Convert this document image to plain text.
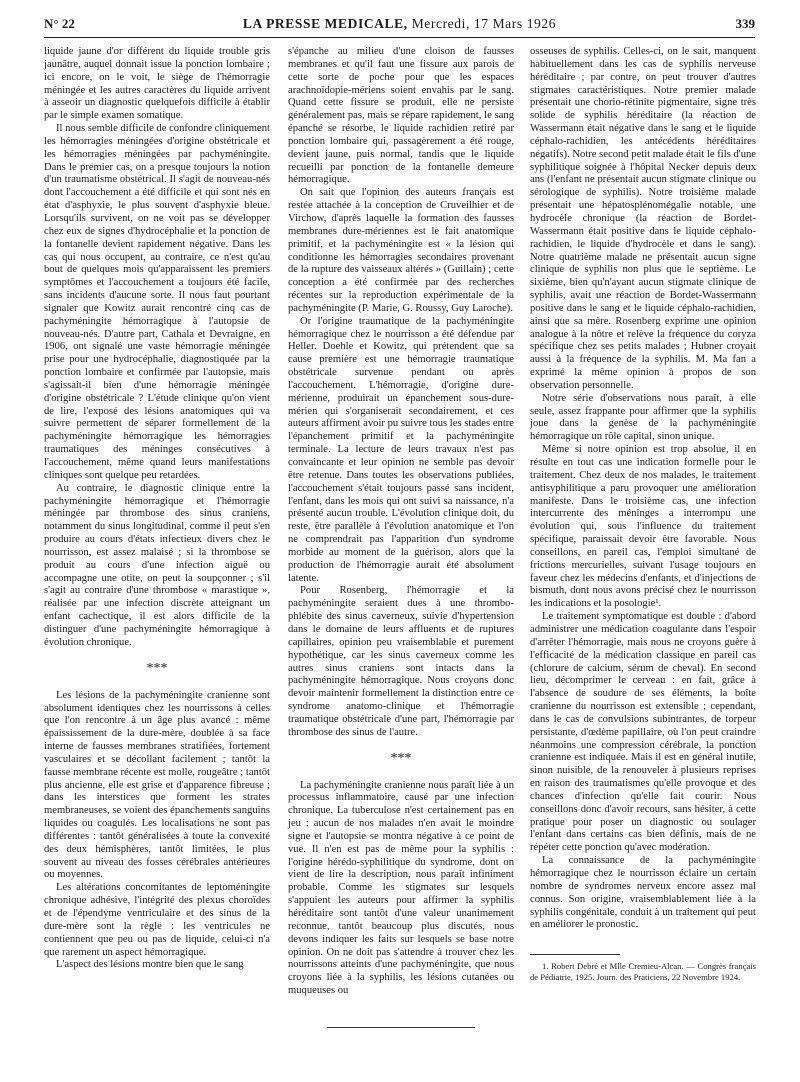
N° 22	LA PRESSE MEDICALE, Mercredi, 17 Mars 1926	339

liquide jaune d'or différent du liquide trouble gris jaunâtre, auquel donnait issue la ponction lombaire ; ici encore, on le voit, le siège de l'hémorragie méningée et les autres caractères du liquide arrivent à asseoir un diagnostic quelquefois difficile à établir par le simple examen somatique.

Il nous semble difficile de confondre cliniquement les hémorragies méningées d'origine obstétricale et les hémorragies méningées par pachyméningite. Dans le premier cas, on a presque toujours la notion d'un traumatisme obstétrical. Il s'agit de nouveau-nés dont l'accouchement a été difficile et qui sont nés en état d'asphyxie, le plus souvent d'asphyxie bleue. Lorsqu'ils survivent, on ne voit pas se développer chez eux de signes d'hydrocéphalie et la ponction de la fontanelle devient rapidement négative. Dans les cas qui nous occupent, au contraire, ce n'est qu'au bout de quelques mois qu'apparaissent les premiers symptômes et l'accouchement a toujours été facile, sans incidents d'aucune sorte. Il nous faut pourtant signaler que Kowitz aurait rencontré cinq cas de pachyméningite hémorragique à l'autopsie de nouveau-nés. D'autre part, Cathala et Devraigne, en 1906, ont signalé une vaste hémorragie méningée prise pour une hydrocéphalie, diagnostiquée par la ponction lombaire et confirmée par l'autopsie, mais s'agissait-il bien d'une hémorragie méningée d'origine obstétricale ? L'étude clinique qu'on vient de lire, l'exposé des lésions anatomiques qui va suivre permettent de séparer formellement de la pachyméningite hémorragique les hémorragies traumatiques des méninges consécutives à l'accouchement, même quand leurs manifestations cliniques sont quelque peu retardées.

Au contraire, le diagnostic clinique entre la pachyméningite hémorragique et l'hémorragie méningée par thrombose des sinus craniens, notamment du sinus longitudinal, comme il peut s'en produire au cours d'états infectieux divers chez le nourrisson, est assez malaisé ; si la thrombose se produit au cours d'une infection aiguë ou accompagne une otite, on peut la soupçonner ; s'il s'agit au contraire d'une thrombose « marastique », réalisée par une infection discrète atteignant un enfant cachectique, il est alors difficile de la distinguer d'une pachyméningite hémorragique à évolution chronique.

***

Les lésions de la pachyméningite cranienne sont absolument identiques chez les nourrissons à celles que l'on rencontre à un âge plus avancé : même épaississement de la dure-mère, doublée à sa face interne de fausses membranes stratifiées, fortement vasculaires et se décollant facilement ; tantôt la fausse membrane récente est molle, rougeâtre ; tantôt plus ancienne, elle est grise et d'apparence fibreuse ; dans les interstices que forment les strates membraneuses, se voient des épanchements sanguins liquides ou coagulés. Les localisations ne sont pas différentes : tantôt généralisées à toute la convexité des deux hémisphères, tantôt limitées, le plus souvent au niveau des fosses cérébrales antérieures ou moyennes.

Les altérations concomitantes de leptoméningite chronique adhésive, l'intégrité des plexus choroïdes et de l'épendyme ventriculaire et des sinus de la dure-mère sont la règle : les ventricules ne contiennent que peu ou pas de liquide, celui-ci n'a que rarement un aspect hémorragique.

L'aspect des lésions montre bien que le sang

s'épanche au milieu d'une cloison de fausses membranes et qu'il faut une fissure aux parois de cette sorte de poche pour que les espaces arachnoïdopie-mériens soient envahis par le sang. Quand cette fissure se produit, elle ne persiste généralement pas, mais se répare rapidement, le sang épanché se résorbe, le liquide rachidien retiré par ponction lombaire qui, passagèrement a été rouge, devient jaune, puis normal, tandis que le liquide recueilli par ponction de la fontanelle demeure hémorragique.

On sait que l'opinion des auteurs français est restée attachée à la conception de Cruveilhier et de Virchow, d'après laquelle la formation des fausses membranes dure-mériennes est le fait anatomique primitif, et la pachyméningite est « la lésion qui conditionne les hémorragies secondaires provenant de la rupture des vaisseaux altérés » (Guillain) ; cette conception a été confirmée par des recherches récentes sur la reproduction expérimentale de la pachyméningite (P. Marie, G. Roussy, Guy Laroche).

Or l'origine traumatique de la pachyméningite hémorragique chez le nourrisson a été défendue par Heller. Doehle et Kowitz, qui prétendent que sa cause première est une hémorragie traumatique obstétricale survenue pendant ou après l'accouchement. L'hémorragie, d'origine dure-mérienne, produirait un épanchement sous-dure-mérien qui s'organiserait secondairement, et ces auteurs affirment avoir pu suivre tous les stades entre l'épanchement primitif et la pachyméningite terminale. La lecture de leurs travaux n'est pas convaincante et leur opinion ne semble pas devoir être retenue. Dans toutes les observations publiées, l'accouchement s'était toujours passé sans incident, l'enfant, dans les mois qui ont suivi sa naissance, n'a présenté aucun trouble. L'évolution clinique doit, du reste, être parallèle à l'évolution anatomique et l'on ne comprendrait pas l'apparition d'un syndrome morbide au moment de la guérison, alors que la production de l'hémorragie aurait été absolument latente.

Pour Rosenberg, l'hémorragie et la pachyméningite seraient dues à une thrombo-phlébite des sinus caverneux, suivie d'hypertension dans le domaine de leurs affluents et de ruptures capillaires, opinion peu vraisemblable et purement hypothétique, car les sinus caverneux comme les autres sinus craniens sont intacts dans la pachyméningite hémorragique. Nous croyons donc devoir maintenir formellement la distinction entre ce syndrome anatomo-clinique et l'hémorragie traumatique obstétricale d'une part, l'hémorragie par thrombose des sinus de l'autre.

***

La pachyméningite cranienne nous paraît liée à un processus inflammatoire, causé par une infection chronique. La tuberculose n'est certainement pas en jeu : aucun de nos malades n'en avait le moindre signe et l'autopsie se montra négative à ce point de vue. Il n'en est pas de même pour la syphilis : l'origine hérédo-syphilitique du syndrome, dont on vient de lire la description, nous paraît infiniment probable. Comme les stigmates sur lesquels s'appuient les auteurs pour affirmer la syphilis héréditaire sont tantôt d'une valeur unanimement reconnue, tantôt beaucoup plus discutés, nous devons indiquer les faits sur lesquels se base notre opinion. On ne doit pas s'attendre à trouver chez les nourrissons atteints d'une pachyméningite, que nous croyons liée à la syphilis, les lésions cutanées ou muqueuses ou

osseuses de syphilis. Celles-ci, on le sait, manquent habituellement dans les cas de syphilis nerveuse héréditaire ; par contre, on peut trouver d'autres stigmates caractéristiques. Notre premier malade présentait une chorio-rétinite pigmentaire, signe très solide de syphilis héréditaire (la réaction de Wassermann était négative dans le sang et le liquide céphalo-rachidien, les antécédents héréditaires négatifs). Notre second petit malade était le fils d'une syphilitique soignée à l'hôpital Necker depuis deux ans (l'enfant ne présentait aucun stigmate clinique ou sérologique de syphilis). Notre troisième malade présentait une hépatosplénomégalie notable, une hydrocèle chronique (la réaction de Bordet-Wassermann était positive dans le liquide céphalo-rachidien, le liquide d'hydrocèle et dans le sang). Notre quatrième malade ne présentait aucun signe clinique de syphilis non plus que le septième. Le sixième, bien qu'n'ayant aucun stigmate clinique de syphilis, avait une réaction de Bordet-Wassermann positive dans le sang et le liquide céphalo-rachidien, ainsi que sa mère. Rosenberg exprime une opinion analogue à la nôtre et relève la fréquence du coryza spécifique chez ses petits malades ; Hubner croyait aussi à la fréquence de la syphilis. M. Ma fan a exprimé la même opinion à propos de son observation personnelle.

Notre série d'observations nous paraît, à elle seule, assez frappante pour affirmer que la syphilis joue dans la genèse de la pachyméningite hémorragique un rôle capital, sinon unique.

Même si notre opinion est trop absolue, il en résulte en tout cas une indication formelle pour le traitement. Chez deux de nos malades, le traitement antisyphilitique a paru provoquer une amélioration manifeste. Dans le troisième cas, une infection intercurrente des méninges a interrompu une évolution qui, sous l'influence du traitement spécifique, paraissait devoir être favorable. Nous conseillons, en pareil cas, l'emploi simultané de frictions mercurielles, suivant l'usage toujours en faveur chez les médecins d'enfants, et d'injections de bismuth, dont nous avons précisé chez le nourrisson les indications et la posologie¹.

Le traitement symptomatique est double : d'abord administrer une médication coagulante dans l'espoir d'arrêter l'hémorragie, mais nous ne croyons guère à l'efficacité de la médication classique en pareil cas (chlorure de calcium, sérum de cheval). En second lieu, décomprimer le cerveau : en fait, grâce à l'absence de soudure de ses éléments, la boîte cranienne du nourrisson est extensible ; cependant, dans le cas de convulsions subintrantes, de torpeur persistante, d'œdème papillaire, où l'on peut craindre néanmoins une compression cérébrale, la ponction cranienne est indiquée. Mais il est en général inutile, sinon nuisible, de la renouveler à plusieurs reprises en raison des traumatismes qu'elle provoque et des chances d'infection qu'elle fait courir. Nous conseillons donc d'avoir recours, sans hésiter, à cette pratique pour poser un diagnostic ou soulager l'enfant dans certains cas bien définis, mais de ne répéter cette ponction qu'avec modération.

La connaissance de la pachyméningite hémorragique chez le nourrisson éclaire un certain nombre de syndromes nerveux encore assez mal connus. Son origine, vraisemblablement liée à la syphilis congénitale, conduit à un traitement qui peut en améliorer le pronostic.

1. Robert Debré et Mlle Cremieu-Alcan. — Congrès français de Pédiatrie, 1925. Journ. des Praticiens, 22 Novembre 1924.
